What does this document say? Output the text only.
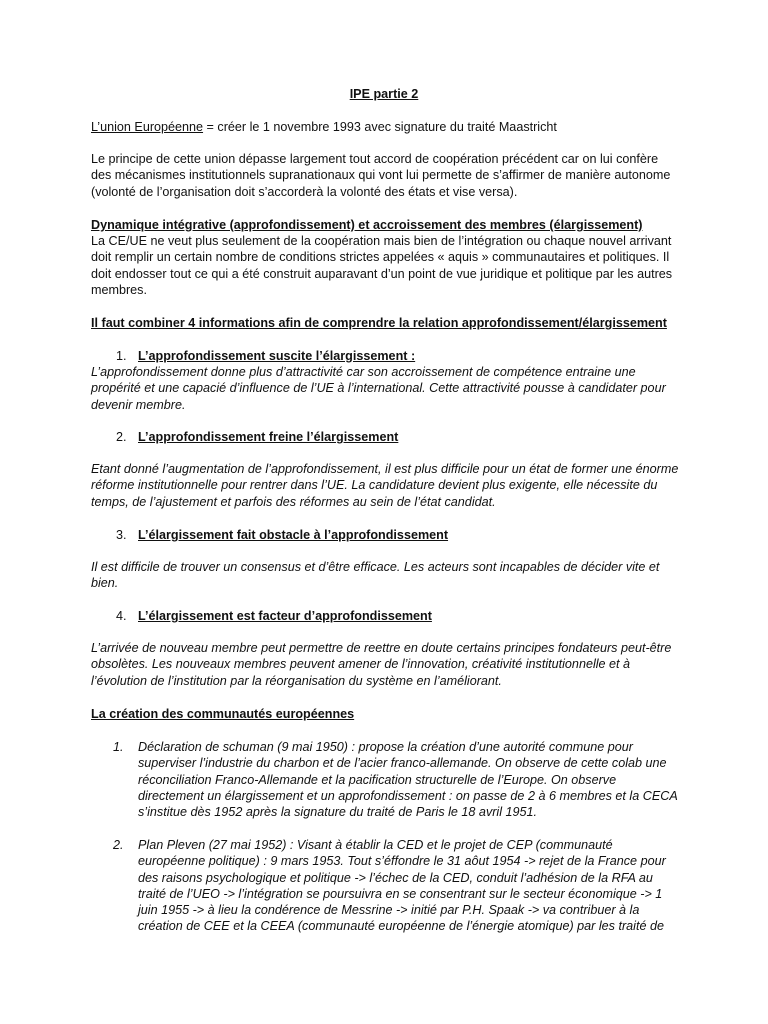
IPE partie 2

L’union Européenne = créer le 1 novembre 1993 avec signature du traité Maastricht

Le principe de cette union dépasse largement tout accord de coopération précédent car on lui confère des mécanismes institutionnels supranationaux qui vont lui permette de s’affirmer de manière autonome (volonté de l’organisation doit s’accorderà la volonté des états et vise versa).

Dynamique intégrative (approfondissement) et accroissement des membres (élargissement)

La CE/UE ne veut plus seulement de la coopération mais bien de l’intégration ou chaque nouvel arrivant doit remplir un certain nombre de conditions strictes appelées « aquis » communautaires et politiques. Il doit endosser tout ce qui a été construit auparavant d’un point de vue juridique et politique par les autres membres.

Il faut combiner 4 informations afin de comprendre la relation approfondissement/élargissement

1. L’approfondissement suscite l’élargissement :

L’approfondissement donne plus d’attractivité car son accroissement de compétence entraine une propérité et une capacié d’influence de l’UE à l’international. Cette attractivité pousse à candidater pour devenir membre.

2. L’approfondissement freine l’élargissement

Etant donné l’augmentation de l’approfondissement, il est plus difficile pour un état de former une énorme réforme institutionnelle pour rentrer dans l’UE. La candidature devient plus exigente, elle nécessite du temps, de l’ajustement et parfois des réformes au sein de l’état candidat.

3. L’élargissement fait obstacle à l’approfondissement

Il est difficile de trouver un consensus et d’être efficace. Les acteurs sont incapables de décider vite et bien.

4. L’élargissement est facteur d’approfondissement

L’arrivée de nouveau membre peut permettre de reettre en doute certains principes fondateurs peut-être obsolètes. Les nouveaux membres peuvent amener de l’innovation, créativité institutionnelle et à l’évolution de l’institution par la réorganisation du système en l’améliorant.

La création des communautés européennes

1. Déclaration de schuman (9 mai 1950) : propose la création d’une autorité commune pour superviser l’industrie du charbon et de l’acier franco-allemande. On observe de cette colab une réconciliation Franco-Allemande et la pacification structurelle de l’Europe. On observe directement un élargissement et un approfondissement : on passe de 2 à 6 membres et la CECA s’institue dès 1952 après la signature du traité de Paris le 18 avril 1951.
2. Plan Pleven (27 mai 1952) : Visant à établir la CED et le projet de CEP (communauté européenne politique) : 9 mars 1953. Tout s’éffondre le 31 aôut 1954 -> rejet de la France pour des raisons psychologique et politique -> l’échec de la CED, conduit l’adhésion de la RFA au traité de l’UEO -> l’intégration se poursuivra en se consentrant sur le secteur économique -> 1 juin 1955 -> à lieu la condérence de Messrine -> initié par P.H. Spaak -> va contribuer à la création de CEE et la CEEA (communauté européenne de l’énergie atomique) par les traité de
